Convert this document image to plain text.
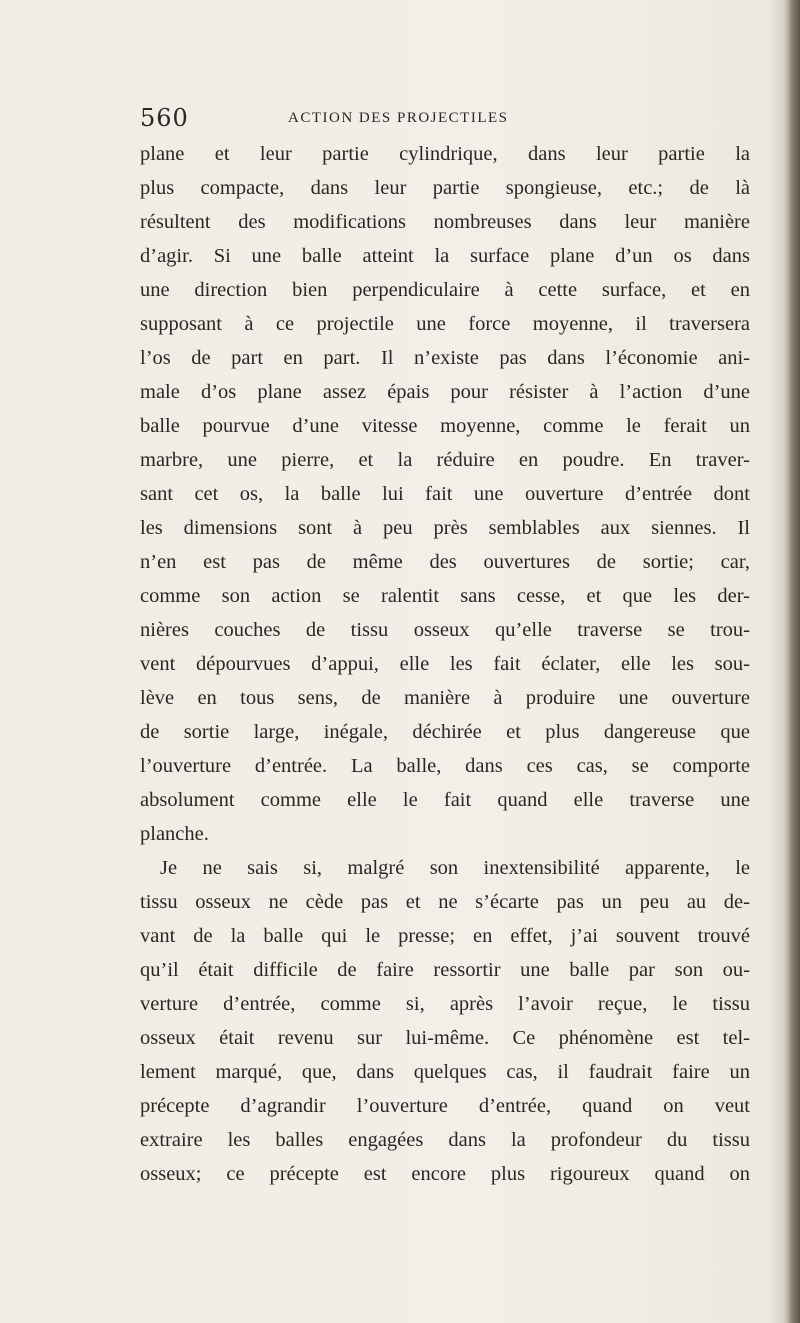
560	ACTION DES PROJECTILES
plane et leur partie cylindrique, dans leur partie la
plus compacte, dans leur partie spongieuse, etc.; de là
résultent des modifications nombreuses dans leur manière
d’agir. Si une balle atteint la surface plane d’un os dans
une direction bien perpendiculaire à cette surface, et en
supposant à ce projectile une force moyenne, il traversera
l’os de part en part. Il n’existe pas dans l’économie ani-
male d’os plane assez épais pour résister à l’action d’une
balle pourvue d’une vitesse moyenne, comme le ferait un
marbre, une pierre, et la réduire en poudre. En traver-
sant cet os, la balle lui fait une ouverture d’entrée dont
les dimensions sont à peu près semblables aux siennes. Il
n’en est pas de même des ouvertures de sortie; car,
comme son action se ralentit sans cesse, et que les der-
nières couches de tissu osseux qu’elle traverse se trou-
vent dépourvues d’appui, elle les fait éclater, elle les sou-
lève en tous sens, de manière à produire une ouverture
de sortie large, inégale, déchirée et plus dangereuse que
l’ouverture d’entrée. La balle, dans ces cas, se comporte
absolument comme elle le fait quand elle traverse une
planche.
Je ne sais si, malgré son inextensibilité apparente, le
tissu osseux ne cède pas et ne s’écarte pas un peu au de-
vant de la balle qui le presse; en effet, j’ai souvent trouvé
qu’il était difficile de faire ressortir une balle par son ou-
verture d’entrée, comme si, après l’avoir reçue, le tissu
osseux était revenu sur lui-même. Ce phénomène est tel-
lement marqué, que, dans quelques cas, il faudrait faire un
précepte d’agrandir l’ouverture d’entrée, quand on veut
extraire les balles engagées dans la profondeur du tissu
osseux; ce précepte est encore plus rigoureux quand on
